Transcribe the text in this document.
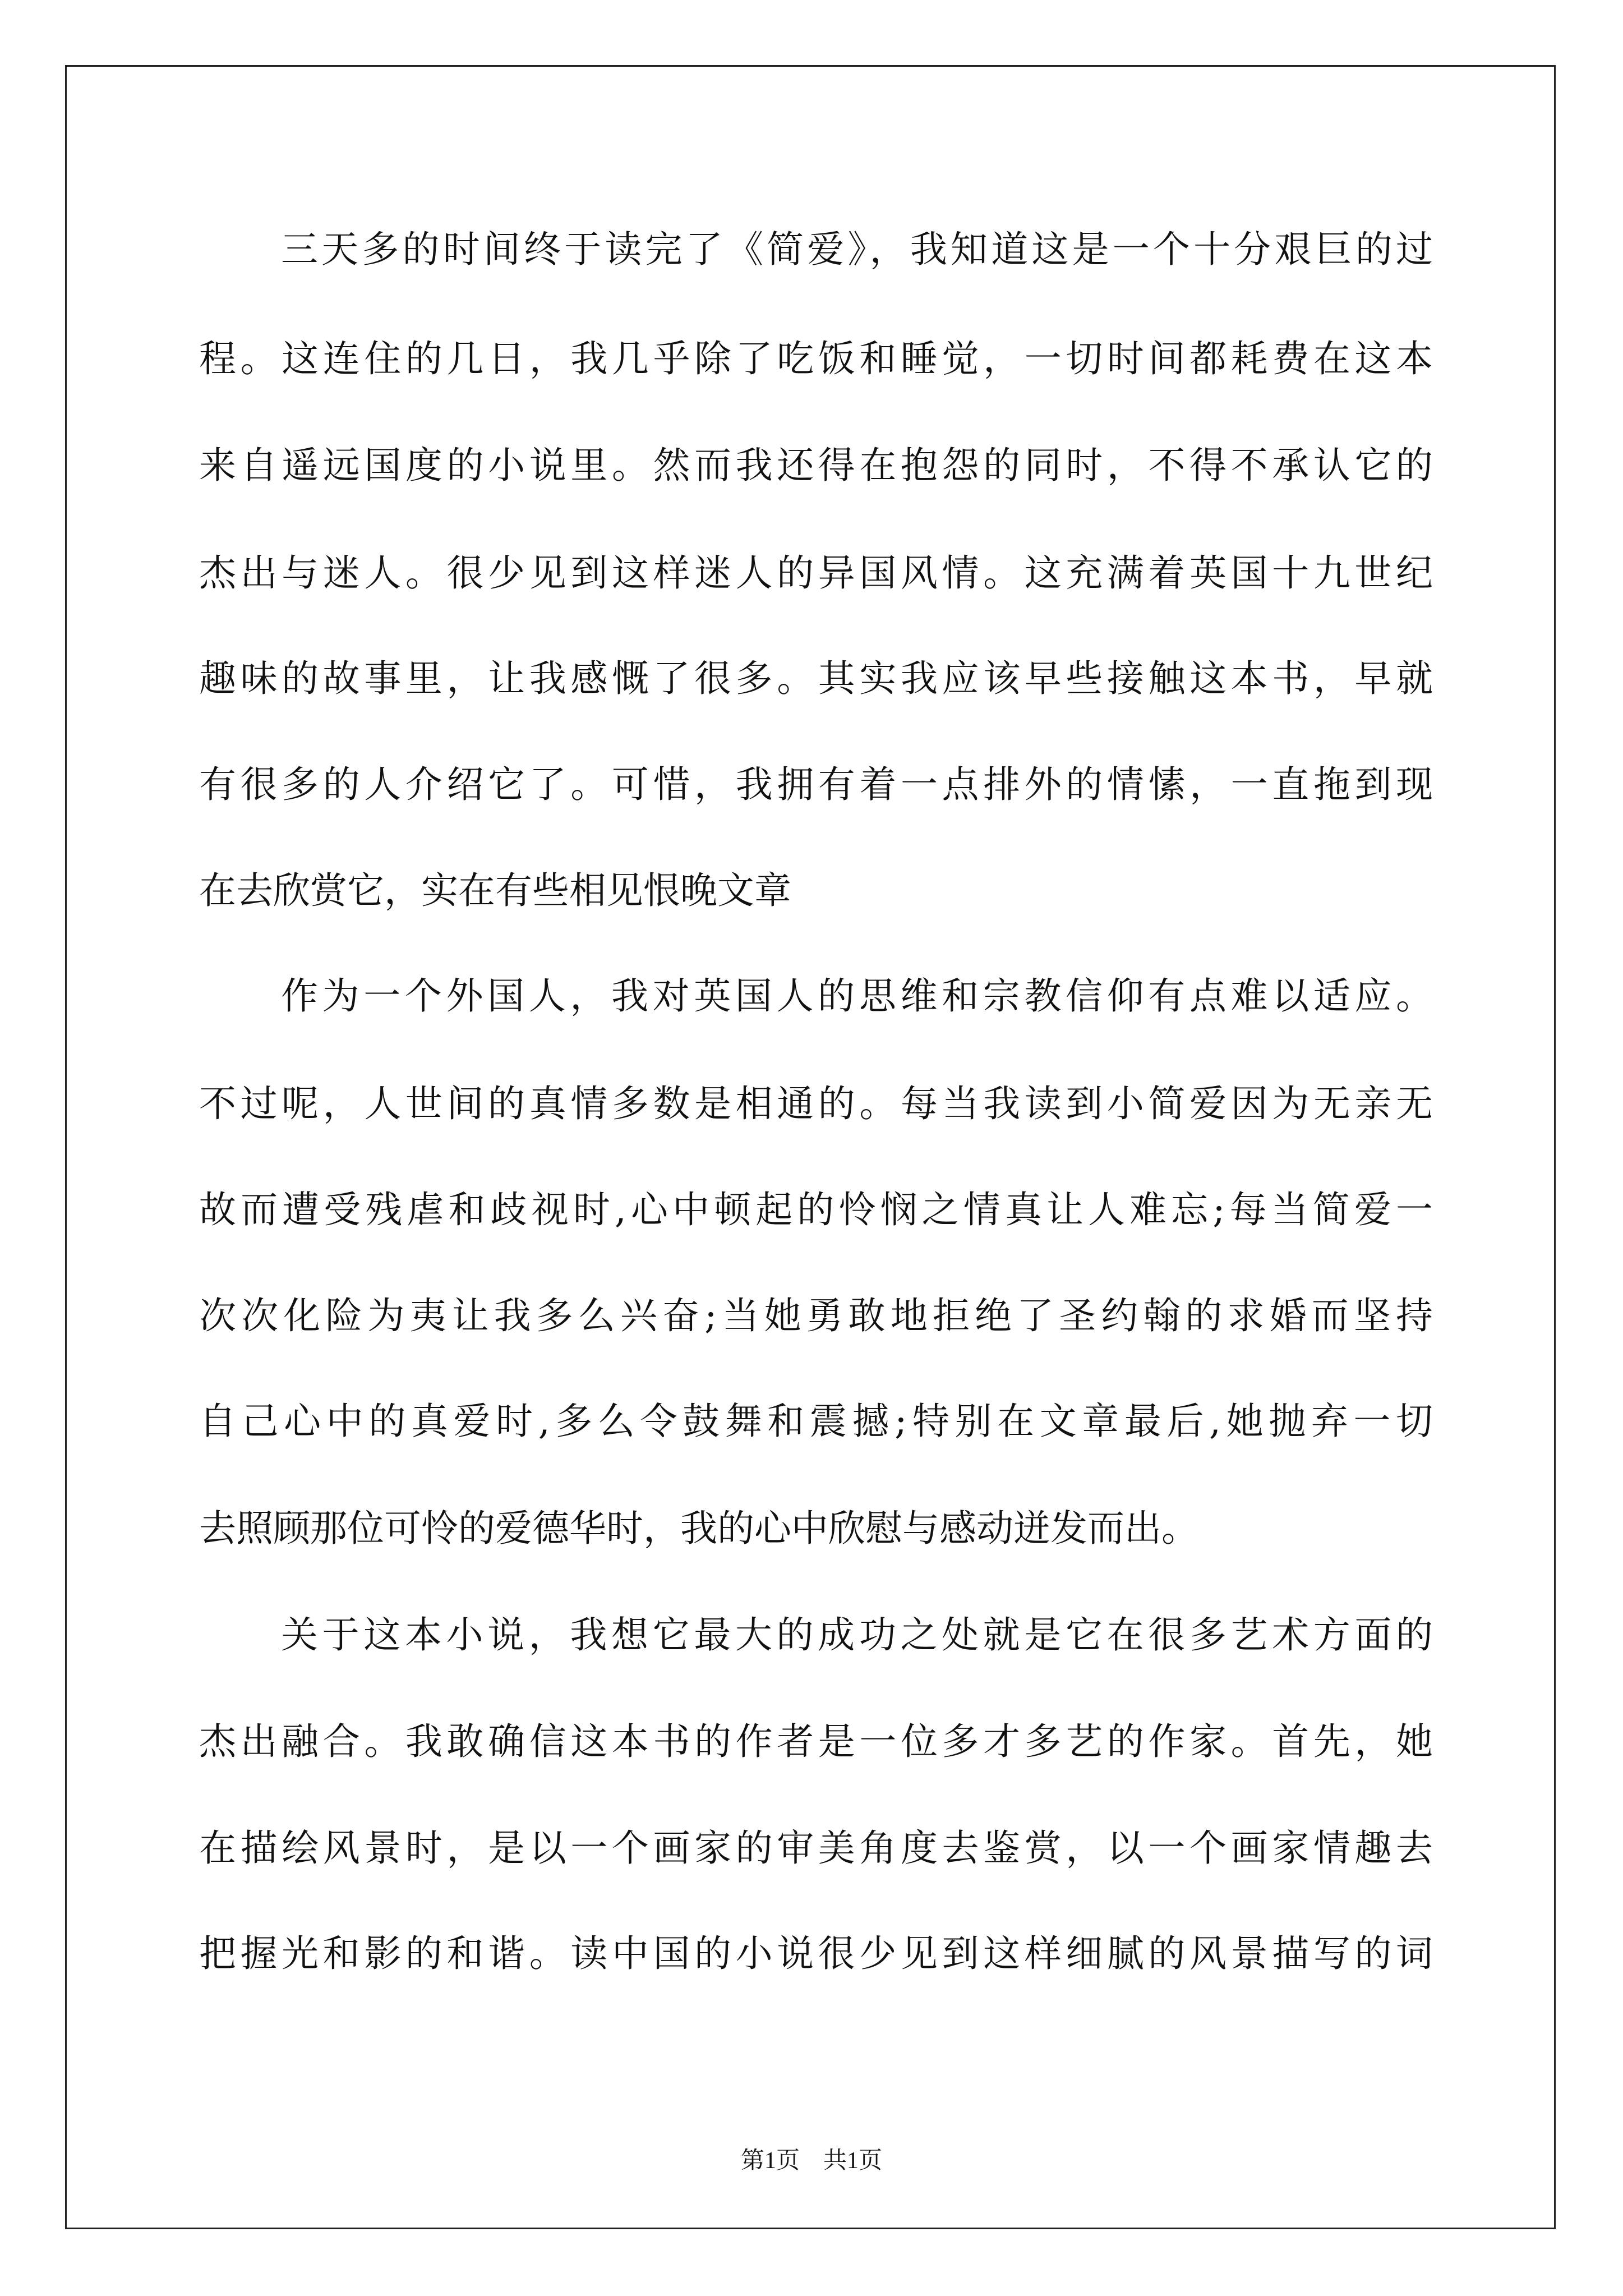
三天多的时间终于读完了《简爱》，我知道这是一个十分艰巨的过
程。这连住的几日，我几乎除了吃饭和睡觉，一切时间都耗费在这本
来自遥远国度的小说里。然而我还得在抱怨的同时，不得不承认它的
杰出与迷人。很少见到这样迷人的异国风情。这充满着英国十九世纪
趣味的故事里，让我感慨了很多。其实我应该早些接触这本书，早就
有很多的人介绍它了。可惜，我拥有着一点排外的情愫，一直拖到现
在去欣赏它，实在有些相见恨晚文章
作为一个外国人，我对英国人的思维和宗教信仰有点难以适应。
不过呢，人世间的真情多数是相通的。每当我读到小简爱因为无亲无
故而遭受残虐和歧视时,心中顿起的怜悯之情真让人难忘;每当简爱一
次次化险为夷让我多么兴奋;当她勇敢地拒绝了圣约翰的求婚而坚持
自己心中的真爱时,多么令鼓舞和震撼;特别在文章最后,她抛弃一切
去照顾那位可怜的爱德华时，我的心中欣慰与感动迸发而出。
关于这本小说，我想它最大的成功之处就是它在很多艺术方面的
杰出融合。我敢确信这本书的作者是一位多才多艺的作家。首先，她
在描绘风景时，是以一个画家的审美角度去鉴赏，以一个画家情趣去
把握光和影的和谐。读中国的小说很少见到这样细腻的风景描写的词
第1页　共1页
